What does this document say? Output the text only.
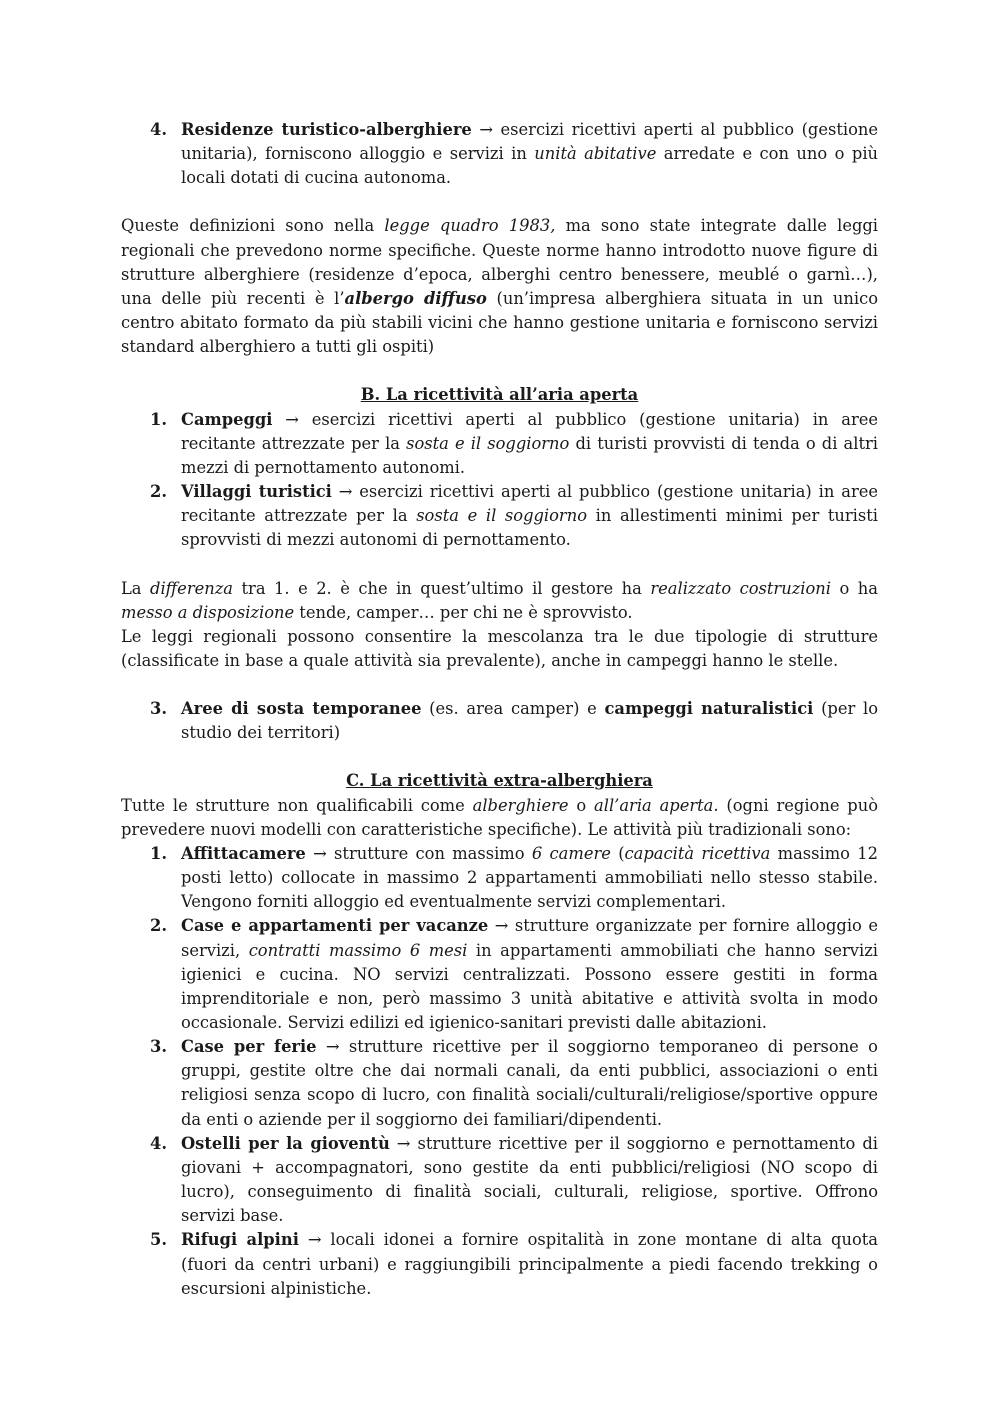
4. Residenze turistico-alberghiere → esercizi ricettivi aperti al pubblico (gestione unitaria), forniscono alloggio e servizi in unità abitative arredate e con uno o più locali dotati di cucina autonoma.

Queste definizioni sono nella legge quadro 1983, ma sono state integrate dalle leggi regionali che prevedono norme specifiche. Queste norme hanno introdotto nuove figure di strutture alberghiere (residenze d’epoca, alberghi centro benessere, meublé o garnì…), una delle più recenti è l’albergo diffuso (un’impresa alberghiera situata in un unico centro abitato formato da più stabili vicini che hanno gestione unitaria e forniscono servizi standard alberghiero a tutti gli ospiti)

B. La ricettività all’aria aperta
1. Campeggi → esercizi ricettivi aperti al pubblico (gestione unitaria) in aree recitante attrezzate per la sosta e il soggiorno di turisti provvisti di tenda o di altri mezzi di pernottamento autonomi.
2. Villaggi turistici → esercizi ricettivi aperti al pubblico (gestione unitaria) in aree recitante attrezzate per la sosta e il soggiorno in allestimenti minimi per turisti sprovvisti di mezzi autonomi di pernottamento.

La differenza tra 1. e 2. è che in quest’ultimo il gestore ha realizzato costruzioni o ha messo a disposizione tende, camper… per chi ne è sprovvisto.

Le leggi regionali possono consentire la mescolanza tra le due tipologie di strutture (classificate in base a quale attività sia prevalente), anche in campeggi hanno le stelle.

3. Aree di sosta temporanee (es. area camper) e campeggi naturalistici (per lo studio dei territori)
C. La ricettività extra-alberghiera

Tutte le strutture non qualificabili come alberghiere o all’aria aperta. (ogni regione può prevedere nuovi modelli con caratteristiche specifiche). Le attività più tradizionali sono:

1. Affittacamere → strutture con massimo 6 camere (capacità ricettiva massimo 12 posti letto) collocate in massimo 2 appartamenti ammobiliati nello stesso stabile. Vengono forniti alloggio ed eventualmente servizi complementari.
2. Case e appartamenti per vacanze → strutture organizzate per fornire alloggio e servizi, contratti massimo 6 mesi in appartamenti ammobiliati che hanno servizi igienici e cucina. NO servizi centralizzati. Possono essere gestiti in forma imprenditoriale e non, però massimo 3 unità abitative e attività svolta in modo occasionale. Servizi edilizi ed igienico-sanitari previsti dalle abitazioni.
3. Case per ferie → strutture ricettive per il soggiorno temporaneo di persone o gruppi, gestite oltre che dai normali canali, da enti pubblici, associazioni o enti religiosi senza scopo di lucro, con finalità sociali/culturali/religiose/sportive oppure da enti o aziende per il soggiorno dei familiari/dipendenti.
4. Ostelli per la gioventù → strutture ricettive per il soggiorno e pernottamento di giovani + accompagnatori, sono gestite da enti pubblici/religiosi (NO scopo di lucro), conseguimento di finalità sociali, culturali, religiose, sportive. Offrono servizi base.
5. Rifugi alpini → locali idonei a fornire ospitalità in zone montane di alta quota (fuori da centri urbani) e raggiungibili principalmente a piedi facendo trekking o escursioni alpinistiche.
